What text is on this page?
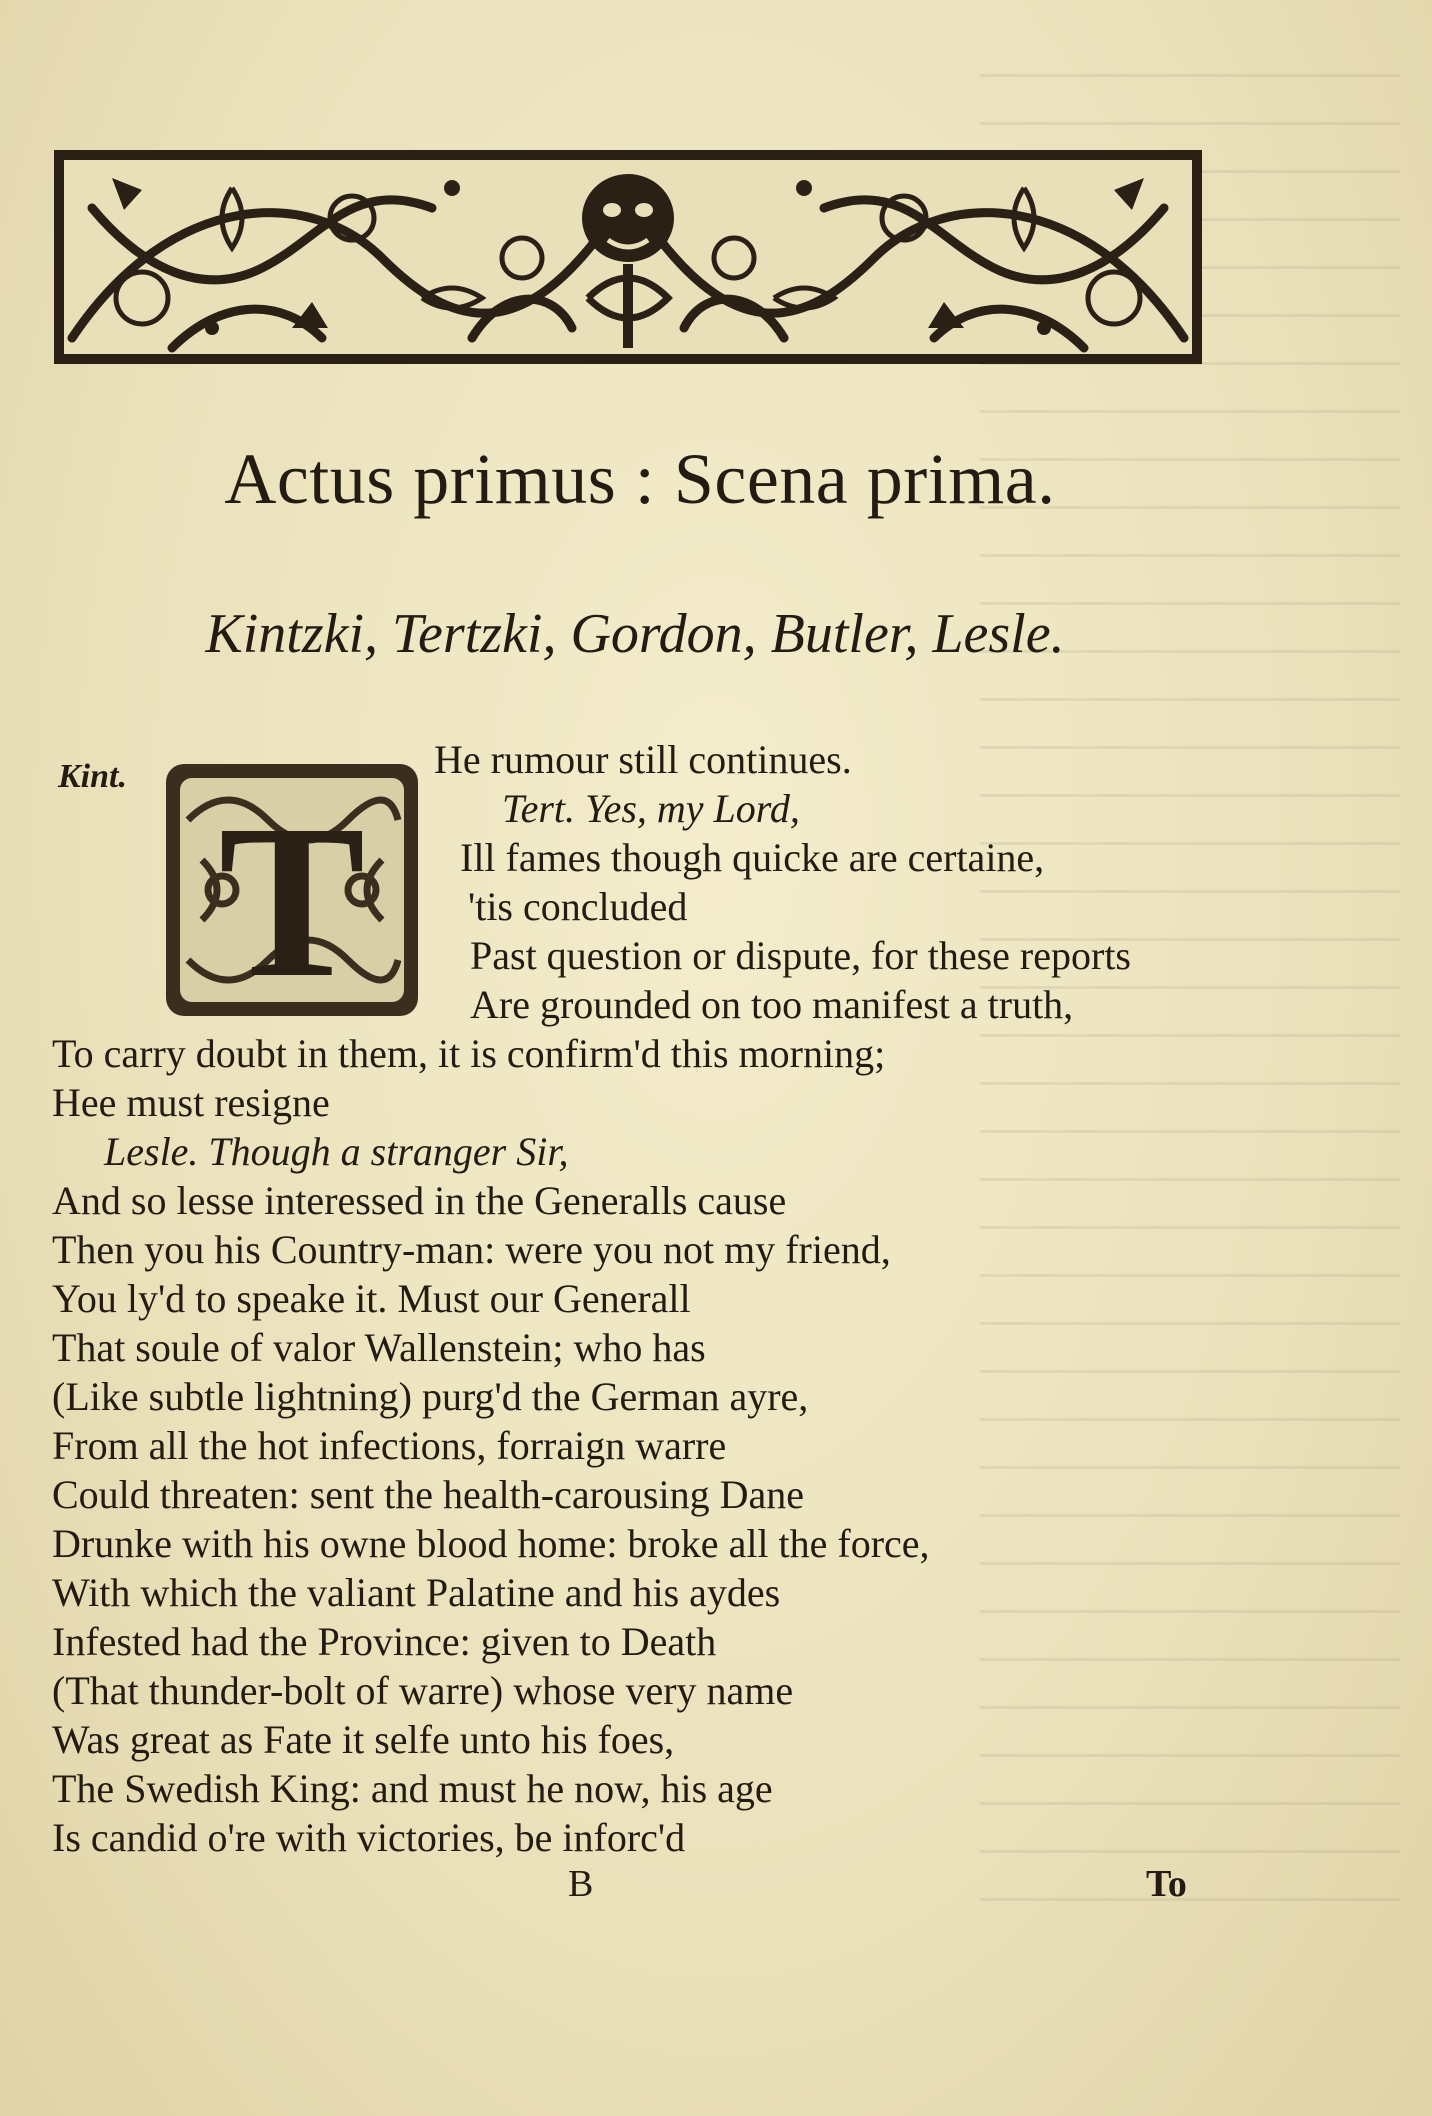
Actus primus : Scena prima.
Kintzki, Tertzki, Gordon, Butler, Lesle.
Kint.
T
He rumour still continues.
Tert. Yes, my Lord,
Ill fames though quicke are certaine,
'tis concluded
Past question or dispute, for these reports
Are grounded on too manifest a truth,
To carry doubt in them, it is confirm'd this morning;
Hee must resigne
Lesle. Though a stranger Sir,
And so lesse interessed in the Generalls cause
Then you his Country-man: were you not my friend,
You ly'd to speake it. Must our Generall
That soule of valor Wallenstein; who has
(Like subtle lightning) purg'd the German ayre,
From all the hot infections, forraign warre
Could threaten: sent the health-carousing Dane
Drunke with his owne blood home: broke all the force,
With which the valiant Palatine and his aydes
Infested had the Province: given to Death
(That thunder-bolt of warre) whose very name
Was great as Fate it selfe unto his foes,
The Swedish King: and must he now, his age
Is candid o're with victories, be inforc'd
B	To
